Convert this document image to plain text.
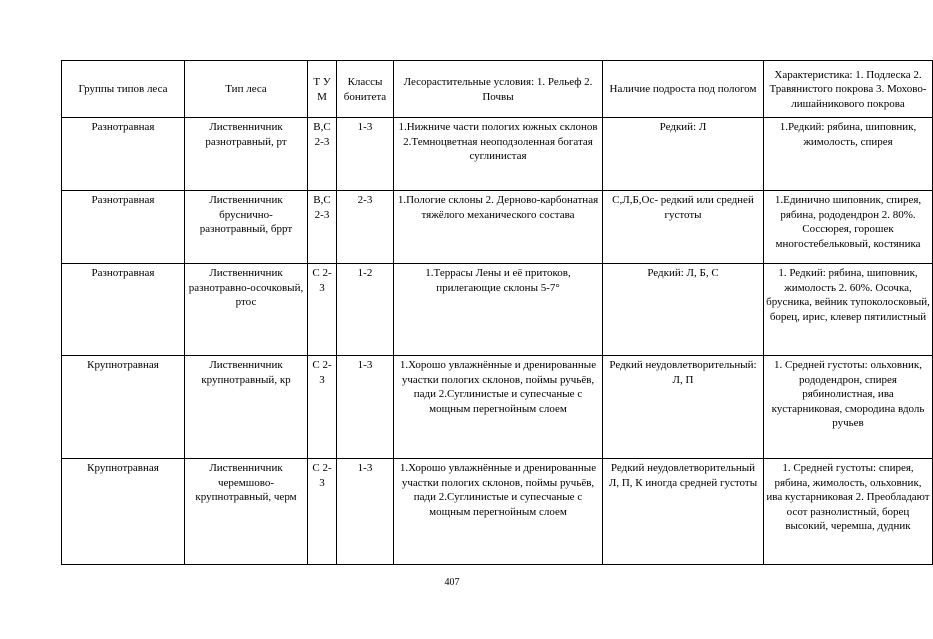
Группы типов леса	Тип леса	Т У М	Классы бонитета	Лесорастительные условия: 1. Рельеф 2. Почвы	Наличие подроста под пологом	Характеристика: 1. Подлеска 2. Травянистого покрова 3. Мохово-лишайникового покрова
Разнотравная	Лиственничник разнотравный, рт	В,С 2-3	1-3	1.Нижниче части пологих южных склонов 2.Темноцветная неоподзоленная богатая суглинистая	Редкий: Л	1.Редкий: рябина, шиповник, жимолость, спирея
Разнотравная	Лиственничник бруснично-разнотравный, бррт	В,С 2-3	2-3	1.Пологие склоны 2. Дерново-карбонатная тяжёлого механического состава	С,Л,Б,Ос- редкий или средней густоты	1.Единично шиповник, спирея, рябина, рододендрон 2. 80%. Соссюрея, горошек многостебельковый, костяника
Разнотравная	Лиственничник разнотравно-осочковый, ртос	С 2-3	1-2	1.Террасы Лены и её притоков, прилегающие склоны 5-7°	Редкий: Л, Б, С	1. Редкий: рябина, шиповник, жимолость 2. 60%. Осочка, брусника, вейник тупоколосковый, борец, ирис, клевер пятилистный
Крупнотравная	Лиственничник крупнотравный, кр	С 2-3	1-3	1.Хорошо увлажнённые и дренированные участки пологих склонов, поймы ручьёв, пади 2.Суглинистые и супесчаные с мощным перегнойным слоем	Редкий неудовлетворительный: Л, П	1. Средней густоты: ольховник, рододендрон, спирея рябинолистная, ива кустарниковая, смородина вдоль ручьев
Крупнотравная	Лиственничник черемшово-крупнотравный, черм	С 2-3	1-3	1.Хорошо увлажнённые и дренированные участки пологих склонов, поймы ручьёв, пади 2.Суглинистые и супесчаные с мощным перегнойным слоем	Редкий неудовлетворительный Л, П, К иногда средней густоты	1. Средней густоты: спирея, рябина, жимолость, ольховник, ива кустарниковая 2. Преобладают осот разнолистный, борец высокий, черемша, дудник
407
